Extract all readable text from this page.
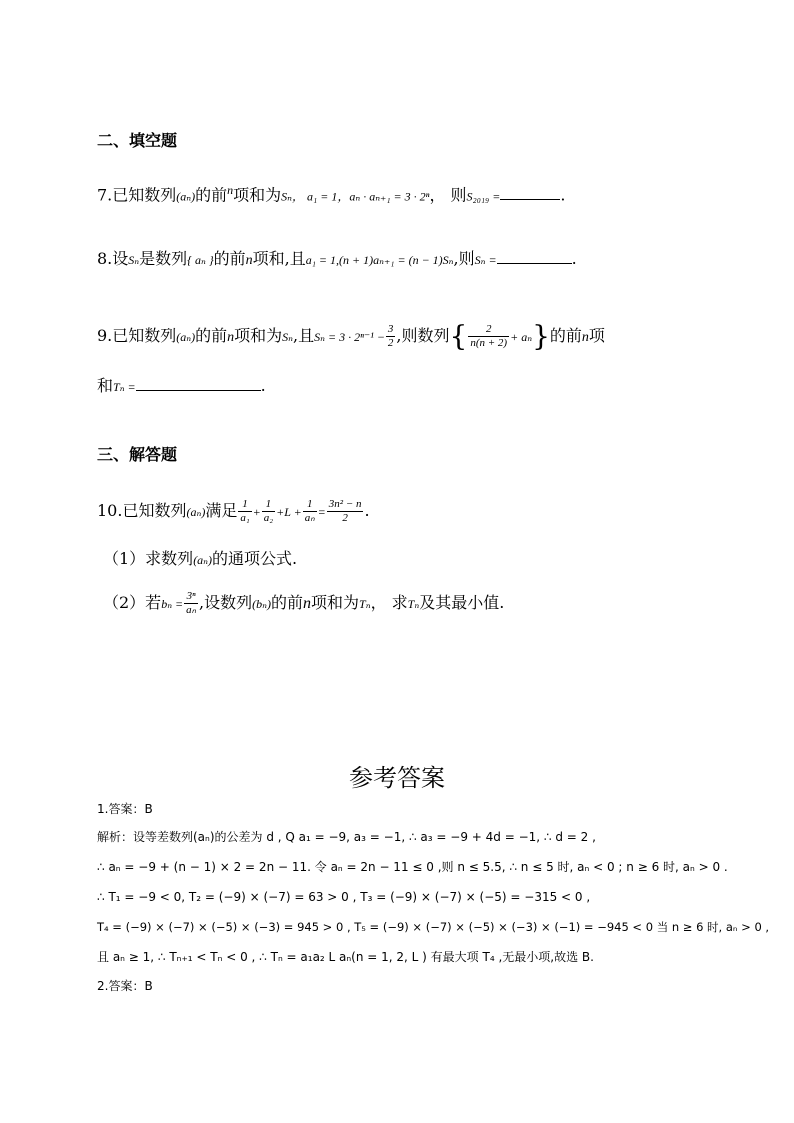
二、填空题
7.已知数列(aₙ)的前$^n$项和为Sₙ， a₁ = 1，aₙ · aₙ₊₁ = 3 · 2ⁿ， 则S₂₀₁₉ =	.
8.设Sₙ是数列{ aₙ }的前n项和,且a₁ = 1,(n + 1)aₙ₊₁ = (n − 1)Sₙ,则Sₙ =	.
9.已知数列(aₙ)的前n项和为Sₙ,且$S_n = 3 \cdot 2^{n-1} - \frac{3}{2}$ ,则数列{ $\frac{2}{n(n + 2)} + a_n$}的前n项
和Tₙ =	.
三、解答题
10.已知数列(aₙ)满足 $\frac{1}{\text{a₁}} + \frac{1}{\text{a₂}} +L + \frac{1}{\text{aₙ}} = \frac{\text{3n² − n}}{2}$ .
（1）求数列(aₙ)的通项公式.
（2）若$b_n = \frac{\text{3ⁿ}}{\text{aₙ}}$ ,设数列(bₙ)的前n项和为Tₙ， 求Tₙ及其最小值.
参考答案
1.答案：B
解析：设等差数列(aₙ)的公差为 d , Q a₁ = −9, a₃ = −1, ∴ a₃ = −9 + 4d = −1, ∴ d = 2 ,
∴ aₙ = −9 + (n − 1) × 2 = 2n − 11. 令 aₙ = 2n − 11 ≤ 0 ,则 n ≤ 5.5, ∴ n ≤ 5 时, aₙ < 0 ; n ≥ 6 时, aₙ > 0 .
∴ T₁ = −9 < 0, T₂ = (−9) × (−7) = 63 > 0 , T₃ = (−9) × (−7) × (−5) = −315 < 0 ,
T₄ = (−9) × (−7) × (−5) × (−3) = 945 > 0 , T₅ = (−9) × (−7) × (−5) × (−3) × (−1) = −945 < 0 当 n ≥ 6 时, aₙ > 0 ,
且 aₙ ≥ 1, ∴ Tₙ₊₁ < Tₙ < 0 , ∴ Tₙ = a₁a₂ L aₙ(n = 1, 2, L ) 有最大项 T₄ ,无最小项,故选 B.
2.答案：B
